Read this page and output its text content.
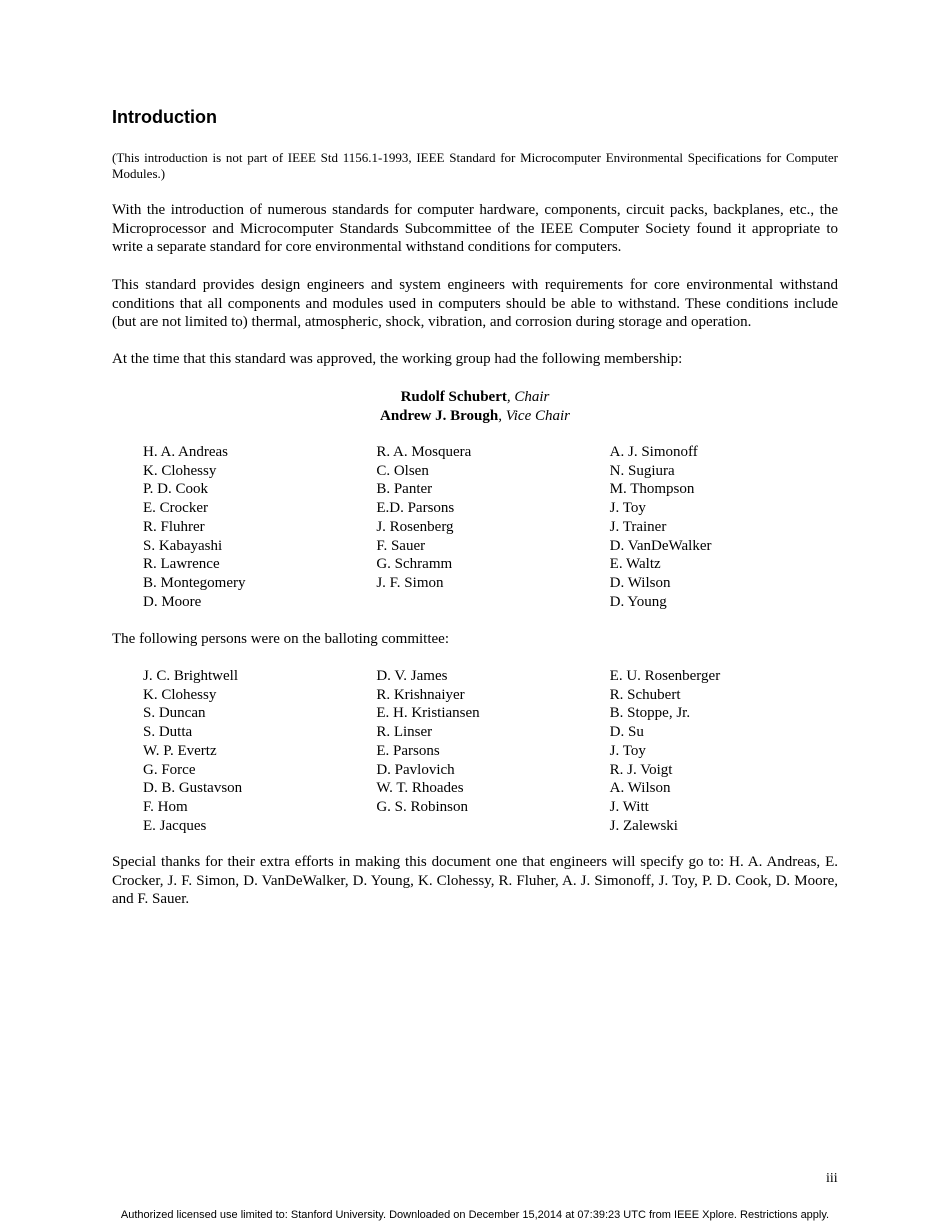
Introduction

(This introduction is not part of IEEE Std 1156.1-1993, IEEE Standard for Microcomputer Environmental Specifications for Computer Modules.)

With the introduction of numerous standards for computer hardware, components, circuit packs, backplanes, etc., the Microprocessor and Microcomputer Standards Subcommittee of the IEEE Computer Society found it appropriate to write a separate standard for core environmental withstand conditions for computers.

This standard provides design engineers and system engineers with requirements for core environmental withstand conditions that all components and modules used in computers should be able to withstand. These conditions include (but are not limited to) thermal, atmospheric, shock, vibration, and corrosion during storage and operation.

At the time that this standard was approved, the working group had the following membership:

Rudolf Schubert, Chair
Andrew J. Brough, Vice Chair
H. A. Andreas
K. Clohessy
P. D. Cook
E. Crocker
R. Fluhrer
S. Kabayashi
R. Lawrence
B. Montegomery
D. Moore
R. A. Mosquera
C. Olsen
B. Panter
E.D. Parsons
J. Rosenberg
F. Sauer
G. Schramm
J. F. Simon
A. J. Simonoff
N. Sugiura
M. Thompson
J. Toy
J. Trainer
D. VanDeWalker
E. Waltz
D. Wilson
D. Young

The following persons were on the balloting committee:

J. C. Brightwell
K. Clohessy
S. Duncan
S. Dutta
W. P. Evertz
G. Force
D. B. Gustavson
F. Hom
E. Jacques
D. V. James
R. Krishnaiyer
E. H. Kristiansen
R. Linser
E. Parsons
D. Pavlovich
W. T. Rhoades
G. S. Robinson
E. U. Rosenberger
R. Schubert
B. Stoppe, Jr.
D. Su
J. Toy
R. J. Voigt
A. Wilson
J. Witt
J. Zalewski

Special thanks for their extra efforts in making this document one that engineers will specify go to: H. A. Andreas, E. Crocker, J. F. Simon, D. VanDeWalker, D. Young, K. Clohessy, R. Fluher, A. J. Simonoff, J. Toy, P. D. Cook, D. Moore, and F. Sauer.

iii
Authorized licensed use limited to: Stanford University. Downloaded on December 15,2014 at 07:39:23 UTC from IEEE Xplore. Restrictions apply.
